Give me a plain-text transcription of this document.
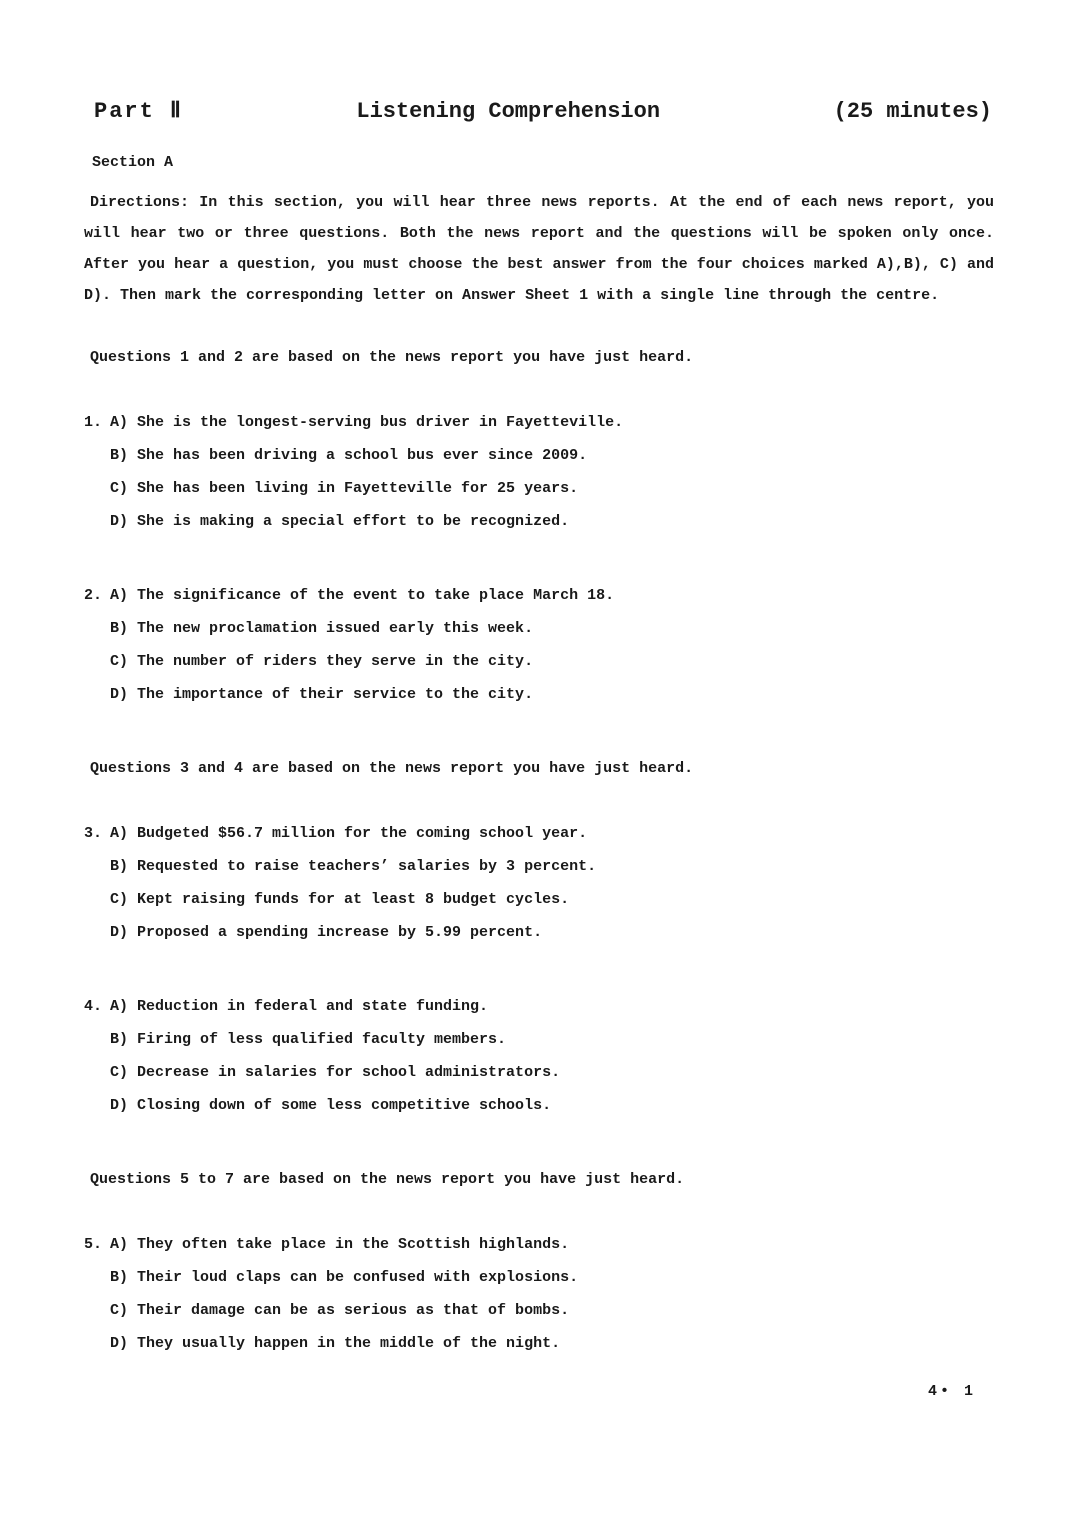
Part Ⅱ	Listening Comprehension	(25 minutes)
Section A

Directions: In this section, you will hear three news reports. At the end of each news report, you will hear two or three questions. Both the news report and the questions will be spoken only once. After you hear a question, you must choose the best answer from the four choices marked A),B), C) and D). Then mark the corresponding letter on Answer Sheet 1 with a single line through the centre.

Questions 1 and 2 are based on the news report you have just heard.
1. A) She is the longest-serving bus driver in Fayetteville.
B) She has been driving a school bus ever since 2009.
C) She has been living in Fayetteville for 25 years.
D) She is making a special effort to be recognized.
2. A) The significance of the event to take place March 18.
B) The new proclamation issued early this week.
C) The number of riders they serve in the city.
D) The importance of their service to the city.
Questions 3 and 4 are based on the news report you have just heard.
3. A) Budgeted $56.7 million for the coming school year.
B) Requested to raise teachers’ salaries by 3 percent.
C) Kept raising funds for at least 8 budget cycles.
D) Proposed a spending increase by 5.99 percent.
4. A) Reduction in federal and state funding.
B) Firing of less qualified faculty members.
C) Decrease in salaries for school administrators.
D) Closing down of some less competitive schools.
Questions 5 to 7 are based on the news report you have just heard.
5. A) They often take place in the Scottish highlands.
B) Their loud claps can be confused with explosions.
C) Their damage can be as serious as that of bombs.
D) They usually happen in the middle of the night.
4• 1
